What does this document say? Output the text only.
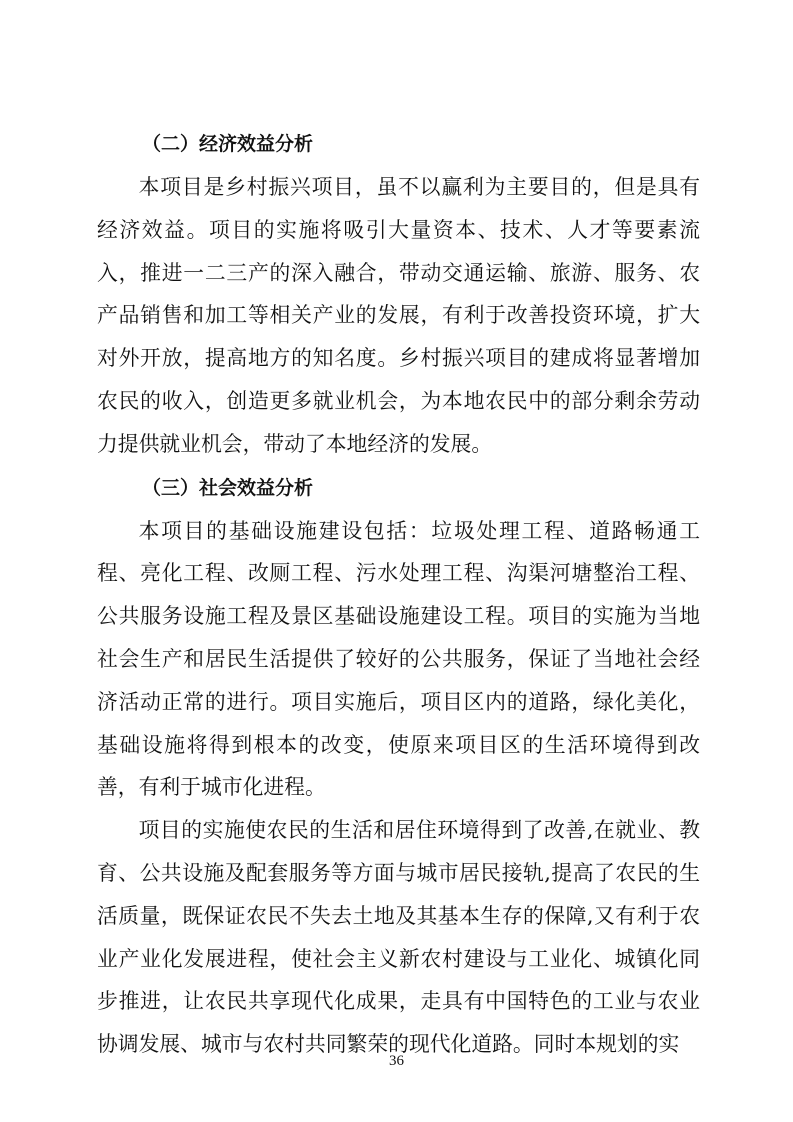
（二）经济效益分析

本项目是乡村振兴项目，虽不以赢利为主要目的，但是具有经济效益。项目的实施将吸引大量资本、技术、人才等要素流入，推进一二三产的深入融合，带动交通运输、旅游、服务、农产品销售和加工等相关产业的发展，有利于改善投资环境，扩大对外开放，提高地方的知名度。乡村振兴项目的建成将显著增加农民的收入，创造更多就业机会，为本地农民中的部分剩余劳动力提供就业机会，带动了本地经济的发展。

（三）社会效益分析

本项目的基础设施建设包括：垃圾处理工程、道路畅通工程、亮化工程、改厕工程、污水处理工程、沟渠河塘整治工程、公共服务设施工程及景区基础设施建设工程。项目的实施为当地社会生产和居民生活提供了较好的公共服务，保证了当地社会经济活动正常的进行。项目实施后，项目区内的道路，绿化美化，基础设施将得到根本的改变，使原来项目区的生活环境得到改善，有利于城市化进程。

项目的实施使农民的生活和居住环境得到了改善,在就业、教育、公共设施及配套服务等方面与城市居民接轨,提高了农民的生活质量，既保证农民不失去土地及其基本生存的保障,又有利于农业产业化发展进程，使社会主义新农村建设与工业化、城镇化同步推进，让农民共享现代化成果，走具有中国特色的工业与农业协调发展、城市与农村共同繁荣的现代化道路。同时本规划的实

36
